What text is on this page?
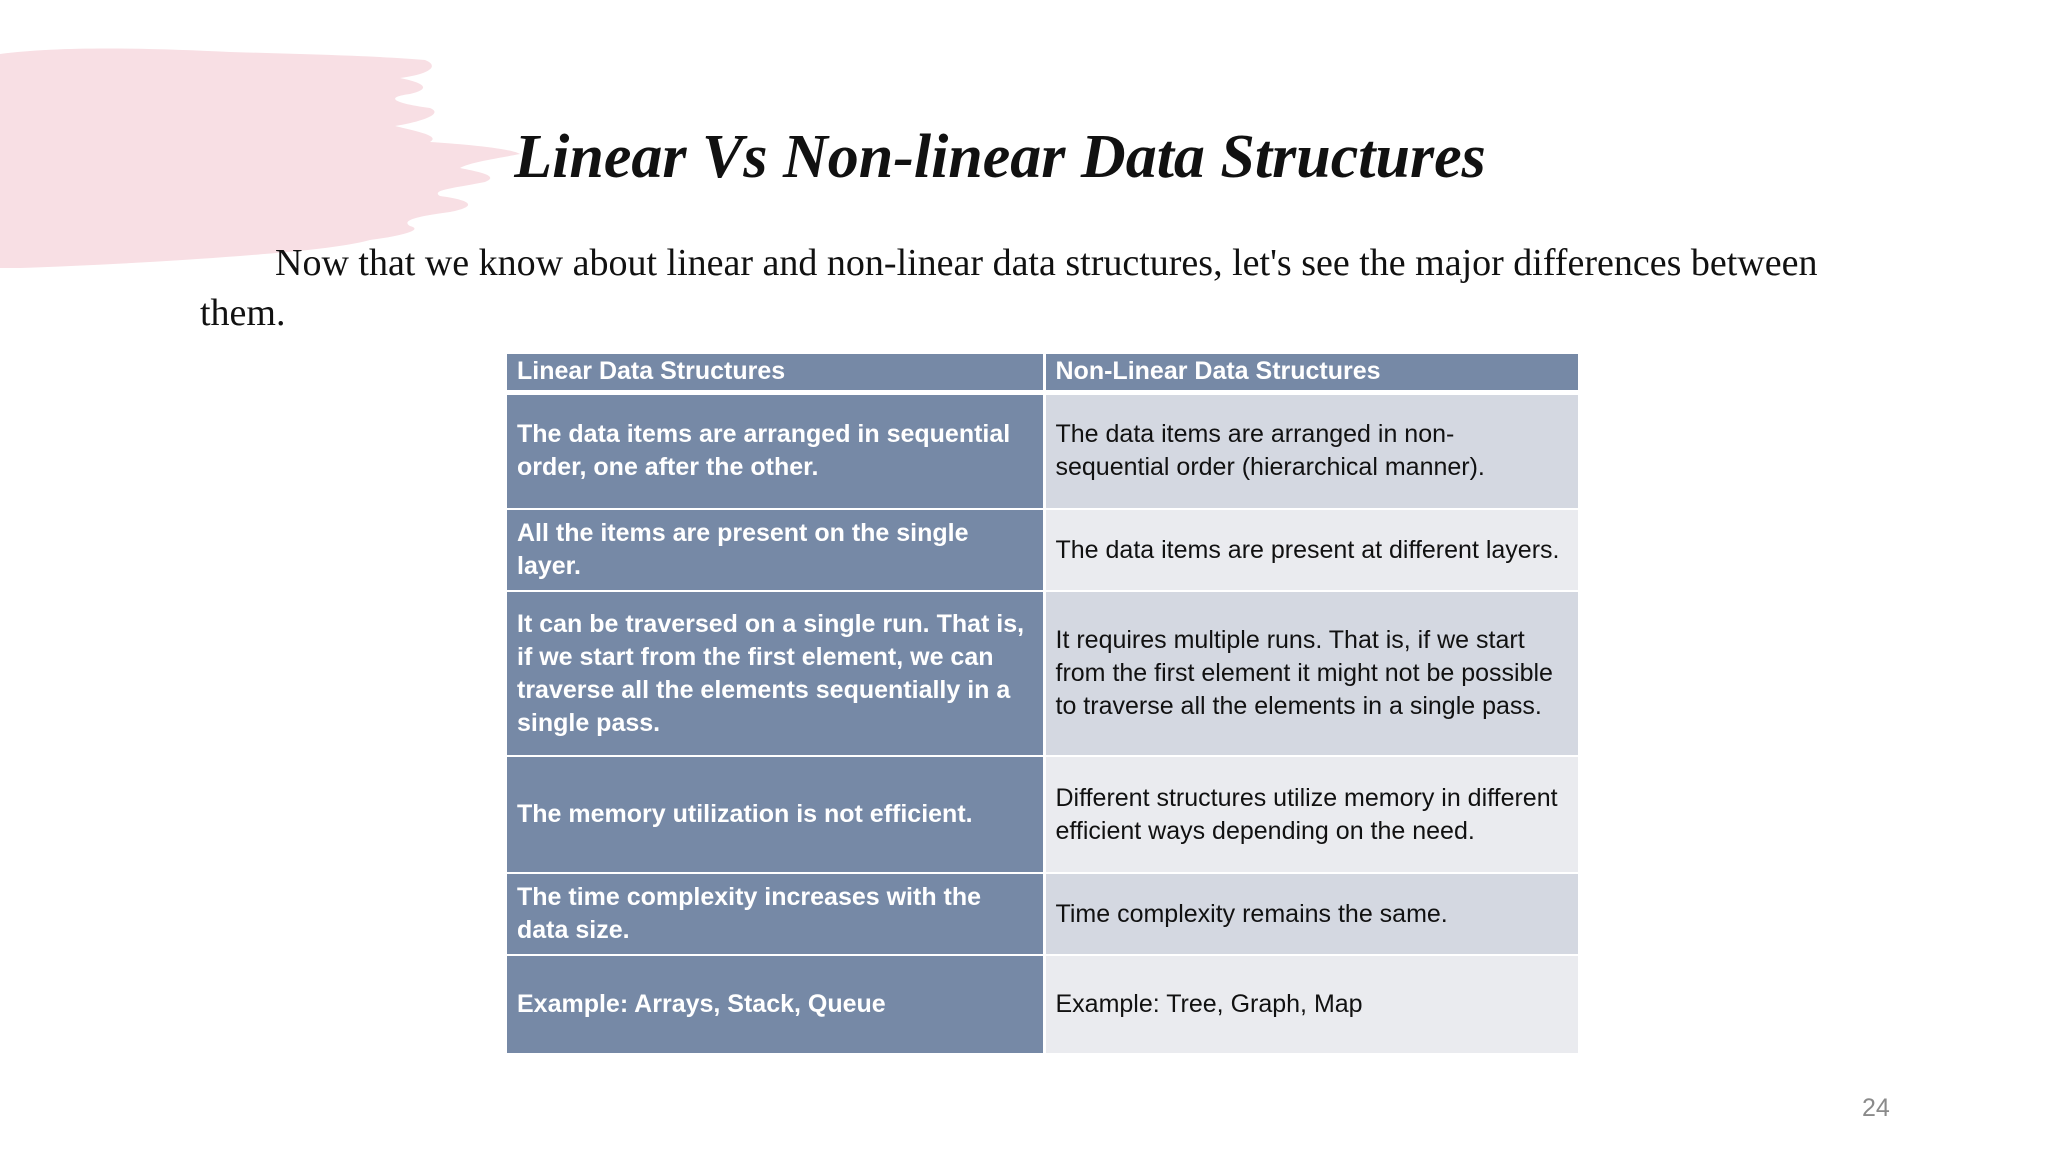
Linear Vs Non-linear Data Structures

Now that we know about linear and non-linear data structures, let's see the major differences between them.

Linear Data Structures	Non-Linear Data Structures
The data items are arranged in sequential order, one after the other.	The data items are arranged in non-sequential order (hierarchical manner).
All the items are present on the single layer.	The data items are present at different layers.
It can be traversed on a single run. That is, if we start from the first element, we can traverse all the elements sequentially in a single pass.	It requires multiple runs. That is, if we start from the first element it might not be possible to traverse all the elements in a single pass.
The memory utilization is not efficient.	Different structures utilize memory in different efficient ways depending on the need.
The time complexity increases with the data size.	Time complexity remains the same.
Example: Arrays, Stack, Queue	Example: Tree, Graph, Map
24
